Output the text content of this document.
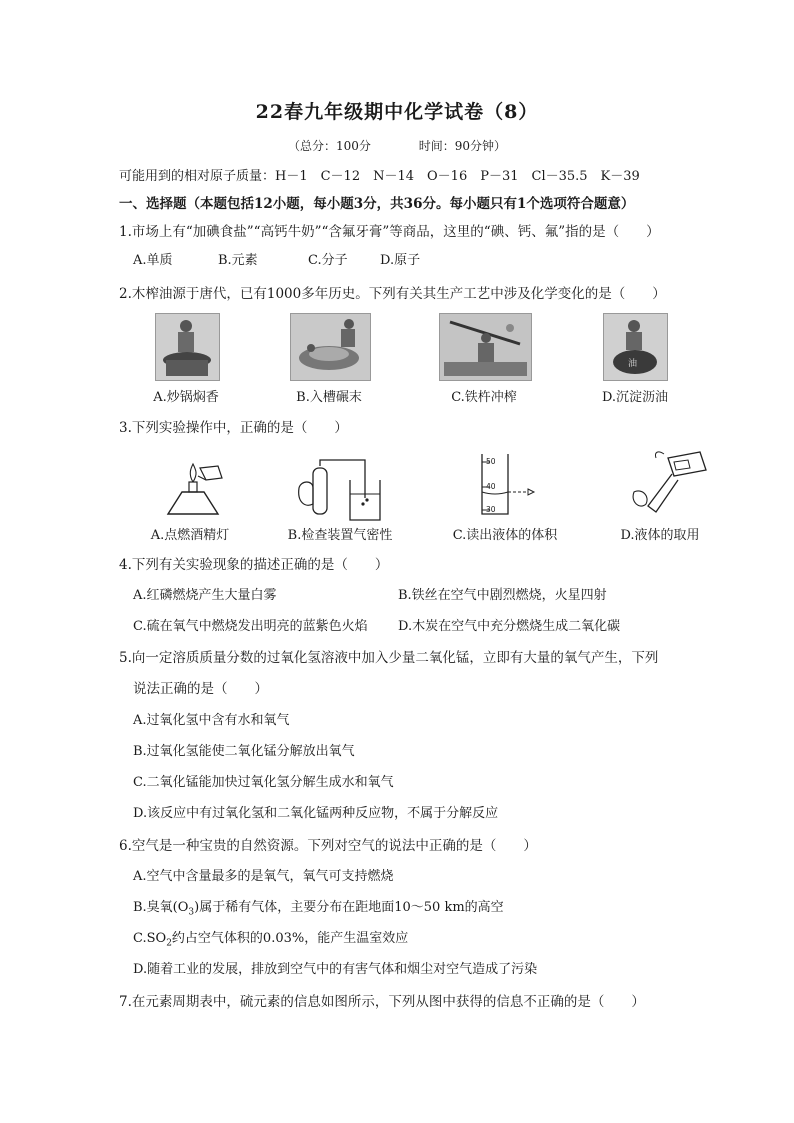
22春九年级期中化学试卷（8）
（总分：100分	时间：90分钟）
可能用到的相对原子质量：H－1　C－12　N－14　O－16　P－31　Cl－35.5　K－39
一、选择题（本题包括12小题，每小题3分，共36分。每小题只有1个选项符合题意）
1.市场上有“加碘食盐”“高钙牛奶”“含氟牙膏”等商品，这里的“碘、钙、氟”指的是（　　）
A.单质	B.元素	C.分子 D.原子
2.木榨油源于唐代，已有1000多年历史。下列有关其生产工艺中涉及化学变化的是（　　）
油
A.炒锅焖香	B.入槽碾末	C.铁杵冲榨	D.沉淀沥油
3.下列实验操作中，正确的是（　　）
50
40
30
A.点燃酒精灯	B.检查装置气密性	C.读出液体的体积	D.液体的取用
4.下列有关实验现象的描述正确的是（　　）
A.红磷燃烧产生大量白雾	B.铁丝在空气中剧烈燃烧，火星四射
C.硫在氧气中燃烧发出明亮的蓝紫色火焰 D.木炭在空气中充分燃烧生成二氧化碳
5.向一定溶质质量分数的过氧化氢溶液中加入少量二氧化锰，立即有大量的氧气产生，下列
说法正确的是（　　）
A.过氧化氢中含有水和氧气
B.过氧化氢能使二氧化锰分解放出氧气
C.二氧化锰能加快过氧化氢分解生成水和氧气
D.该反应中有过氧化氢和二氧化锰两种反应物，不属于分解反应
6.空气是一种宝贵的自然资源。下列对空气的说法中正确的是（　　）
A.空气中含量最多的是氧气，氧气可支持燃烧
B.臭氧$(O_3)$属于稀有气体，主要分布在距地面10～50 km的高空
$C.SO_2$约占空气体积的0.03%，能产生温室效应
D.随着工业的发展，排放到空气中的有害气体和烟尘对空气造成了污染
7.在元素周期表中，硫元素的信息如图所示，下列从图中获得的信息不正确的是（　　）
